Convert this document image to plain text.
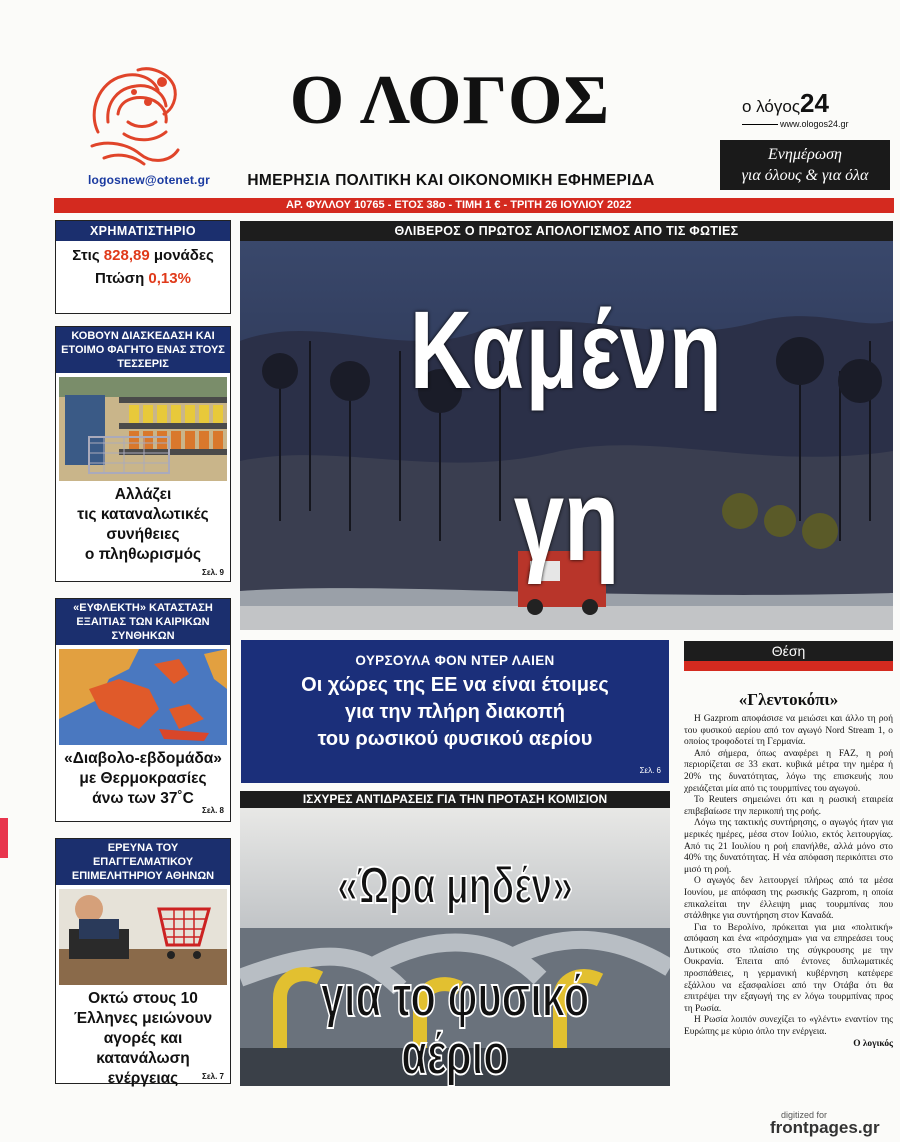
logosnew@otenet.gr
Ο ΛΟΓΟΣ
ΗΜΕΡΗΣΙΑ ΠΟΛΙΤΙΚΗ ΚΑΙ ΟΙΚΟΝΟΜΙΚΗ ΕΦΗΜΕΡΙΔΑ
ο λόγος24
www.ologos24.gr
Ενημέρωση
για όλους & για όλα
ΑΡ. ΦΥΛΛΟΥ 10765 - ΕΤΟΣ 38ο - ΤΙΜΗ 1 € - ΤΡΙΤΗ 26 ΙΟΥΛΙΟΥ 2022
ΧΡΗΜΑΤΙΣΤΗΡΙΟ
Στις 828,89 μονάδες
Πτώση 0,13%
ΚΟΒΟΥΝ ΔΙΑΣΚΕΔΑΣΗ ΚΑΙ ΕΤΟΙΜΟ ΦΑΓΗΤΟ ΕΝΑΣ ΣΤΟΥΣ ΤΕΣΣΕΡΙΣ
Αλλάζει
τις καταναλωτικές
συνήθειες
ο πληθωρισμός
Σελ. 9
«ΕΥΦΛΕΚΤΗ» ΚΑΤΑΣΤΑΣΗ ΕΞΑΙΤΙΑΣ ΤΩΝ ΚΑΙΡΙΚΩΝ ΣΥΝΘΗΚΩΝ
«Διαβολο-εβδομάδα»
με Θερμοκρασίες
άνω των 37˚C
Σελ. 8
ΕΡΕΥΝΑ ΤΟΥ ΕΠΑΓΓΕΛΜΑΤΙΚΟΥ ΕΠΙΜΕΛΗΤΗΡΙΟΥ ΑΘΗΝΩΝ
Οκτώ στους 10
Έλληνες μειώνουν
αγορές και
κατανάλωση ενέργειας	Σελ. 7
ΘΛΙΒΕΡΟΣ Ο ΠΡΩΤΟΣ ΑΠΟΛΟΓΙΣΜΟΣ ΑΠΟ ΤΙΣ ΦΩΤΙΕΣ
Καμένη
γη
ΟΥΡΣΟΥΛΑ ΦΟΝ ΝΤΕΡ ΛΑΙΕΝ
Οι χώρες της ΕΕ να είναι έτοιμες
για την πλήρη διακοπή
του ρωσικού φυσικού αερίου
Σελ. 6
ΙΣΧΥΡΕΣ ΑΝΤΙΔΡΑΣΕΙΣ ΓΙΑ ΤΗΝ ΠΡΟΤΑΣΗ ΚΟΜΙΣΙΟΝ
«Ώρα μηδέν»
για το φυσικό αέριο
Θέση
«Γλεντοκόπι»

Η Gazprom αποφάσισε να μειώσει και άλλο τη ροή του φυσικού αερίου από τον αγωγό Nord Stream 1, ο οποίος τροφοδοτεί τη Γερμανία.

Από σήμερα, όπως αναφέρει η FAZ, η ροή περιορίζεται σε 33 εκατ. κυβικά μέτρα την ημέρα ή 20% της δυνατότητας, λόγω της επισκευής που χρειάζεται μία από τις τουρμπίνες του αγωγού.

Το Reuters σημειώνει ότι και η ρωσική εταιρεία επιβεβαίωσε την περικοπή της ροής.

Λόγω της τακτικής συντήρησης, ο αγωγός ήταν για μερικές ημέρες, μέσα στον Ιούλιο, εκτός λειτουργίας. Από τις 21 Ιουλίου η ροή επανήλθε, αλλά μόνο στο 40% της δυνατότητας. Η νέα απόφαση περικόπτει στο μισό τη ροή.

Ο αγωγός δεν λειτουργεί πλήρως από τα μέσα Ιουνίου, με απόφαση της ρωσικής Gazprom, η οποία επικαλείται την έλλειψη μιας τουρμπίνας που στάλθηκε για συντήρηση στον Καναδά.

Για το Βερολίνο, πρόκειται για μια «πολιτική» απόφαση και ένα «πρόσχημα» για να επηρεάσει τους Δυτικούς στο πλαίσιο της σύγκρουσης με την Ουκρανία. Έπειτα από έντονες διπλωματικές προσπάθειες, η γερμανική κυβέρνηση κατέφερε εξάλλου να εξασφαλίσει από την Οτάβα ότι θα επιτρέψει την εξαγωγή της εν λόγω τουρμπίνας προς τη Ρωσία.

Η Ρωσία λοιπόν συνεχίζει το «γλέντι» εναντίον της Ευρώπης με κύριο όπλο την ενέργεια.

Ο λογικός
digitized for
frontpages.gr
